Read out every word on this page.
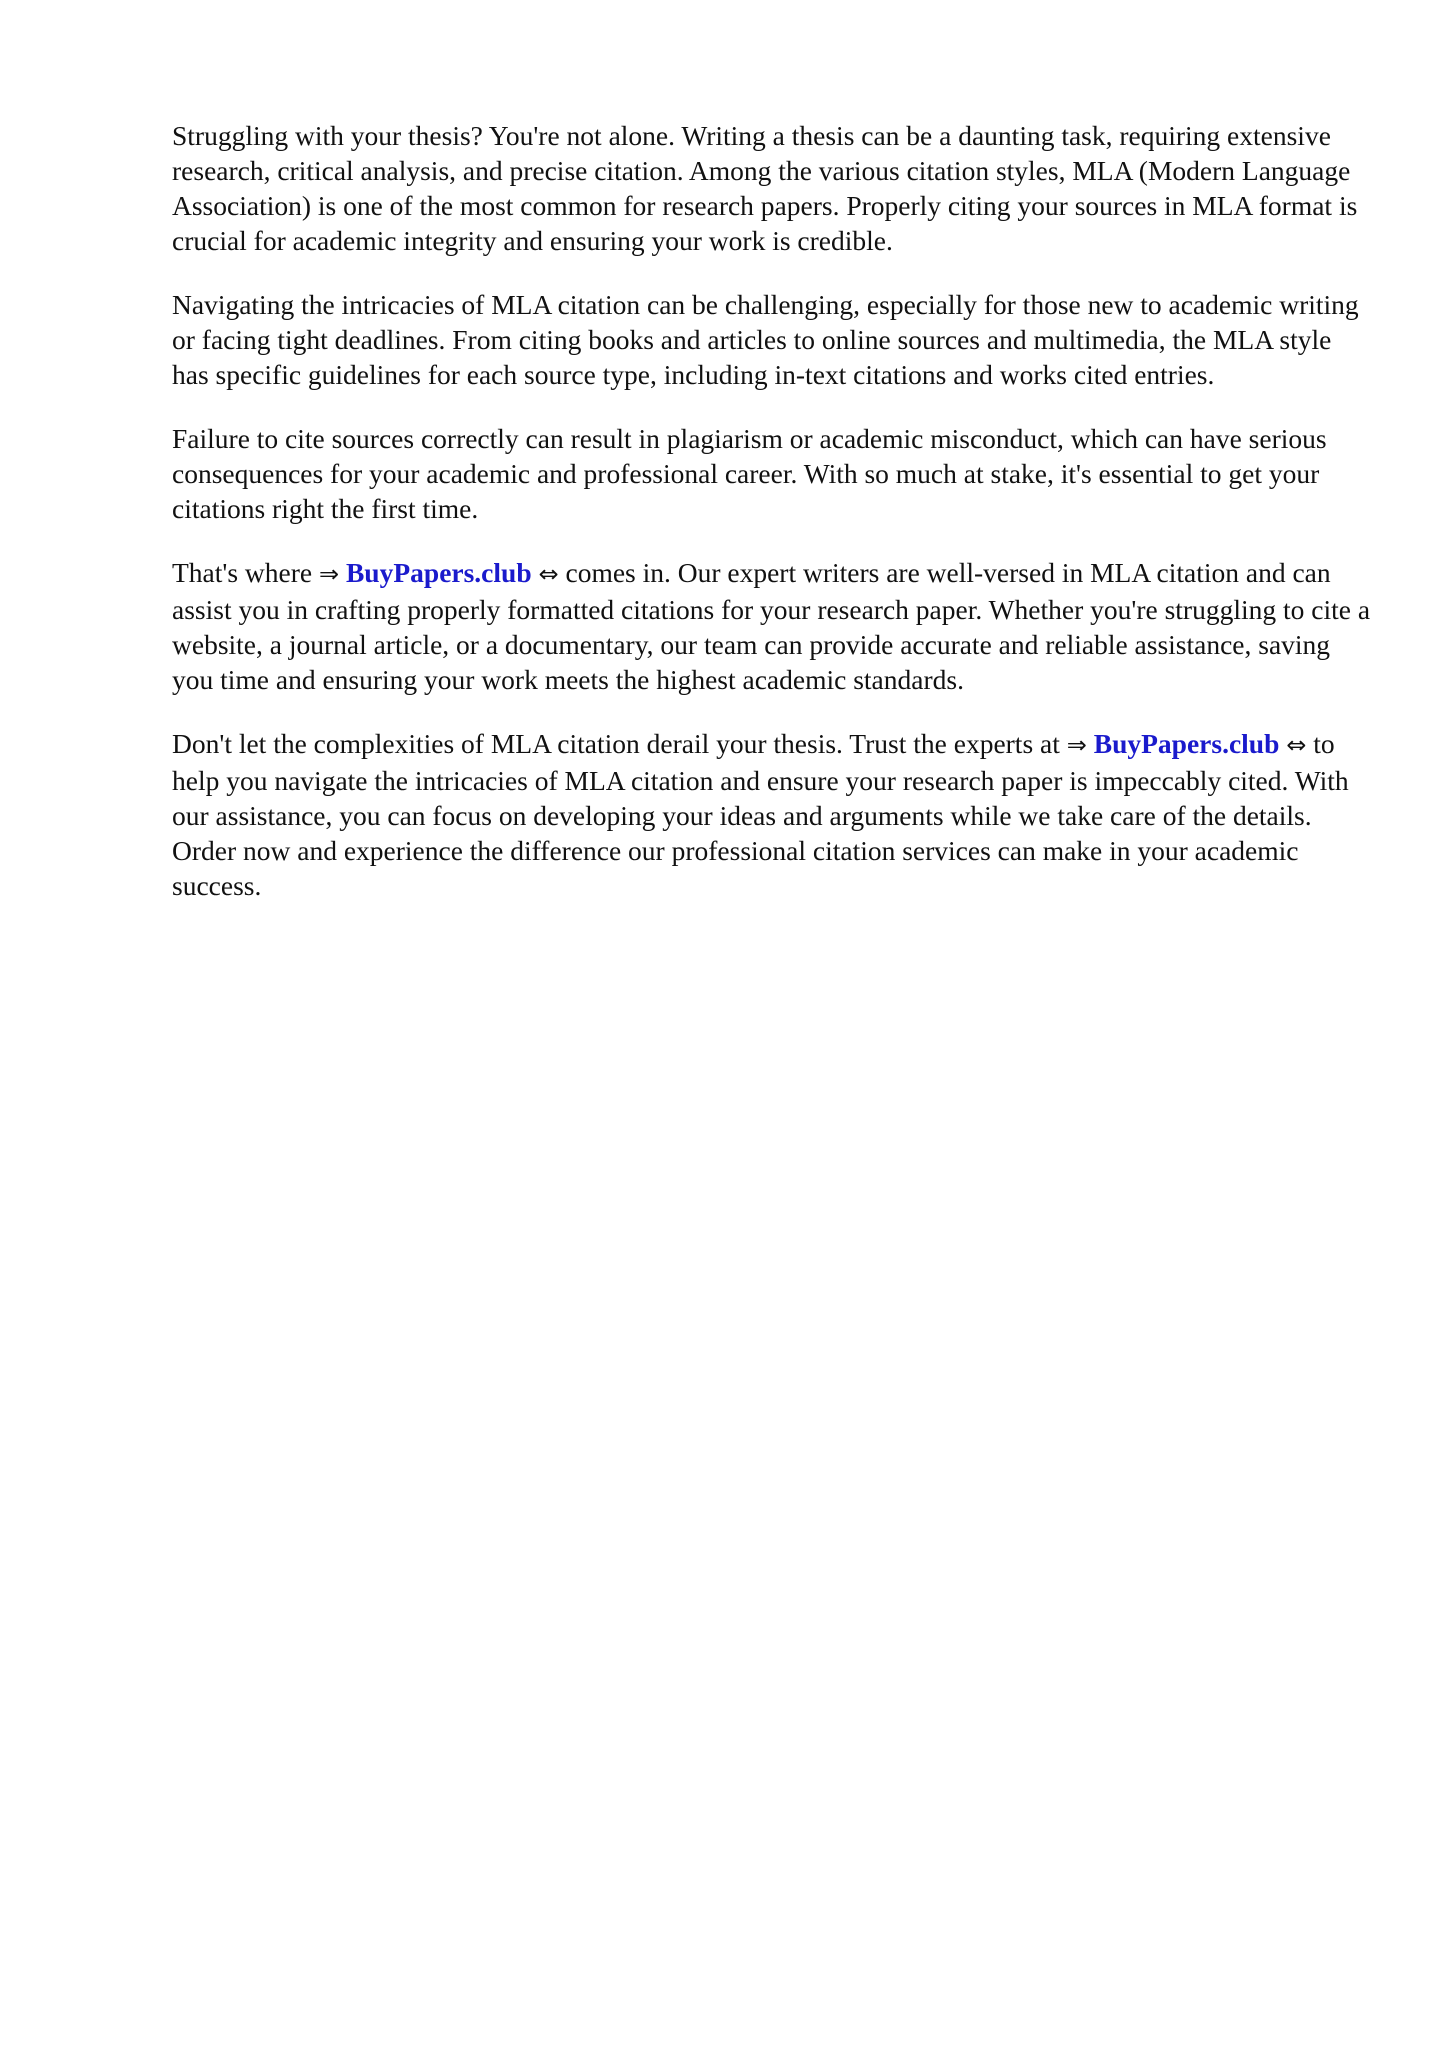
Struggling with your thesis? You're not alone. Writing a thesis can be a daunting task, requiring extensive research, critical analysis, and precise citation. Among the various citation styles, MLA (Modern Language Association) is one of the most common for research papers. Properly citing your sources in MLA format is crucial for academic integrity and ensuring your work is credible.

Navigating the intricacies of MLA citation can be challenging, especially for those new to academic writing or facing tight deadlines. From citing books and articles to online sources and multimedia, the MLA style has specific guidelines for each source type, including in-text citations and works cited entries.

Failure to cite sources correctly can result in plagiarism or academic misconduct, which can have serious consequences for your academic and professional career. With so much at stake, it's essential to get your citations right the first time.

That's where ⇒ BuyPapers.club ⇔ comes in. Our expert writers are well-versed in MLA citation and can assist you in crafting properly formatted citations for your research paper. Whether you're struggling to cite a website, a journal article, or a documentary, our team can provide accurate and reliable assistance, saving you time and ensuring your work meets the highest academic standards.

Don't let the complexities of MLA citation derail your thesis. Trust the experts at ⇒ BuyPapers.club ⇔ to help you navigate the intricacies of MLA citation and ensure your research paper is impeccably cited. With our assistance, you can focus on developing your ideas and arguments while we take care of the details. Order now and experience the difference our professional citation services can make in your academic success.
